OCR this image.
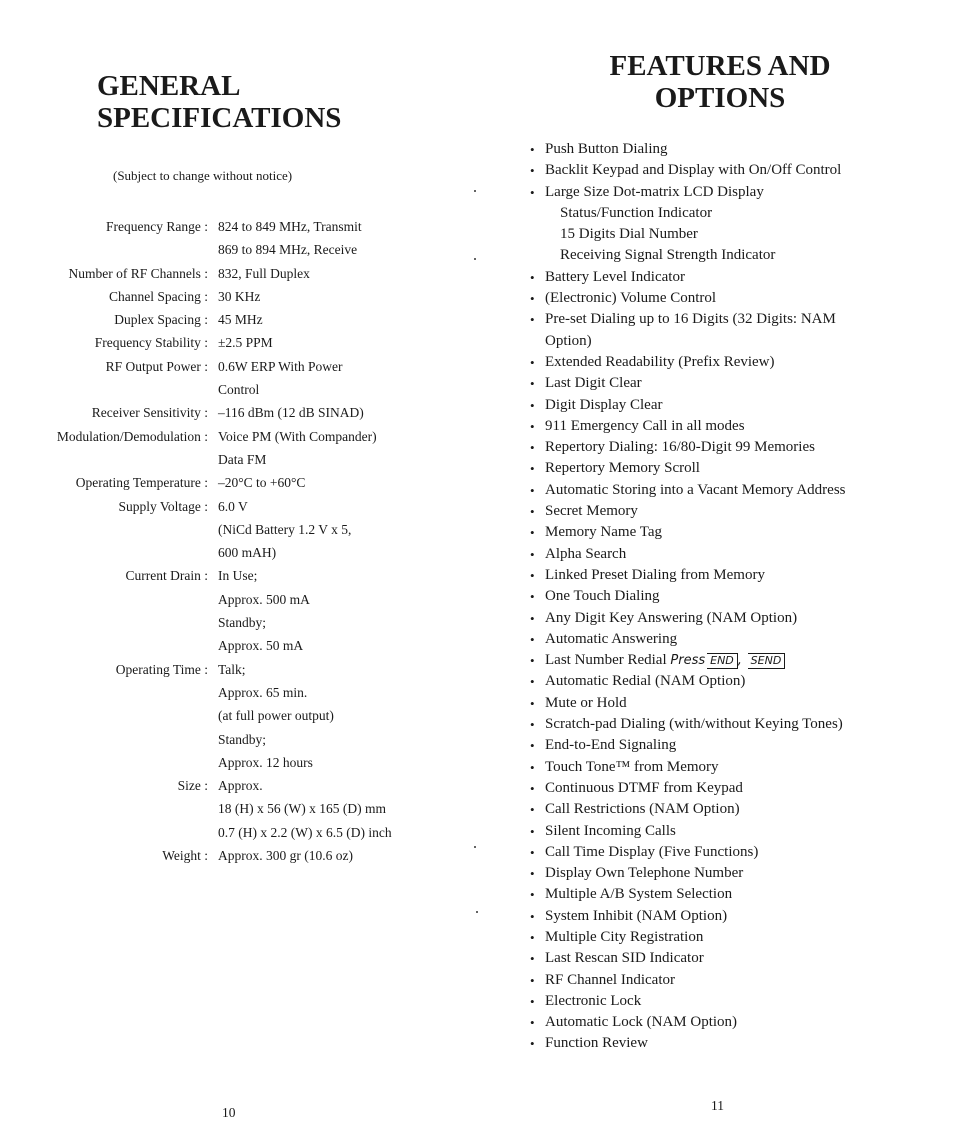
GENERAL
SPECIFICATIONS
(Subject to change without notice)
Frequency Range : 824 to 849 MHz, Transmit
869 to 894 MHz, Receive
Number of RF Channels : 832, Full Duplex
Channel Spacing : 30 KHz
Duplex Spacing : 45 MHz
Frequency Stability : ±2.5 PPM
RF Output Power : 0.6W ERP With Power
Control
Receiver Sensitivity : –116 dBm (12 dB SINAD)
Modulation/Demodulation : Voice PM (With Compander)
Data FM
Operating Temperature : –20°C to +60°C
Supply Voltage : 6.0 V
(NiCd Battery 1.2 V x 5,
600 mAH)
Current Drain : In Use;
Approx. 500 mA
Standby;
Approx. 50 mA
Operating Time : Talk;
Approx. 65 min.
(at full power output)
Standby;
Approx. 12 hours
Size : Approx.
18 (H) x 56 (W) x 165 (D) mm
0.7 (H) x 2.2 (W) x 6.5 (D) inch
Weight : Approx. 300 gr (10.6 oz)
FEATURES AND
OPTIONS
• Push Button Dialing
• Backlit Keypad and Display with On/Off Control
• Large Size Dot-matrix LCD Display
Status/Function Indicator
15 Digits Dial Number
Receiving Signal Strength Indicator
• Battery Level Indicator
• (Electronic) Volume Control
• Pre-set Dialing up to 16 Digits (32 Digits: NAM
Option)
• Extended Readability (Prefix Review)
• Last Digit Clear
• Digit Display Clear
• 911 Emergency Call in all modes
• Repertory Dialing: 16/80-Digit 99 Memories
• Repertory Memory Scroll
• Automatic Storing into a Vacant Memory Address
• Secret Memory
• Memory Name Tag
• Alpha Search
• Linked Preset Dialing from Memory
• One Touch Dialing
• Any Digit Key Answering (NAM Option)
• Automatic Answering
• Last Number Redial Press END , SEND
• Automatic Redial (NAM Option)
• Mute or Hold
• Scratch-pad Dialing (with/without Keying Tones)
• End-to-End Signaling
• Touch Tone™ from Memory
• Continuous DTMF from Keypad
• Call Restrictions (NAM Option)
• Silent Incoming Calls
• Call Time Display (Five Functions)
• Display Own Telephone Number
• Multiple A/B System Selection
• System Inhibit (NAM Option)
• Multiple City Registration
• Last Rescan SID Indicator
• RF Channel Indicator
• Electronic Lock
• Automatic Lock (NAM Option)
• Function Review
10	11
